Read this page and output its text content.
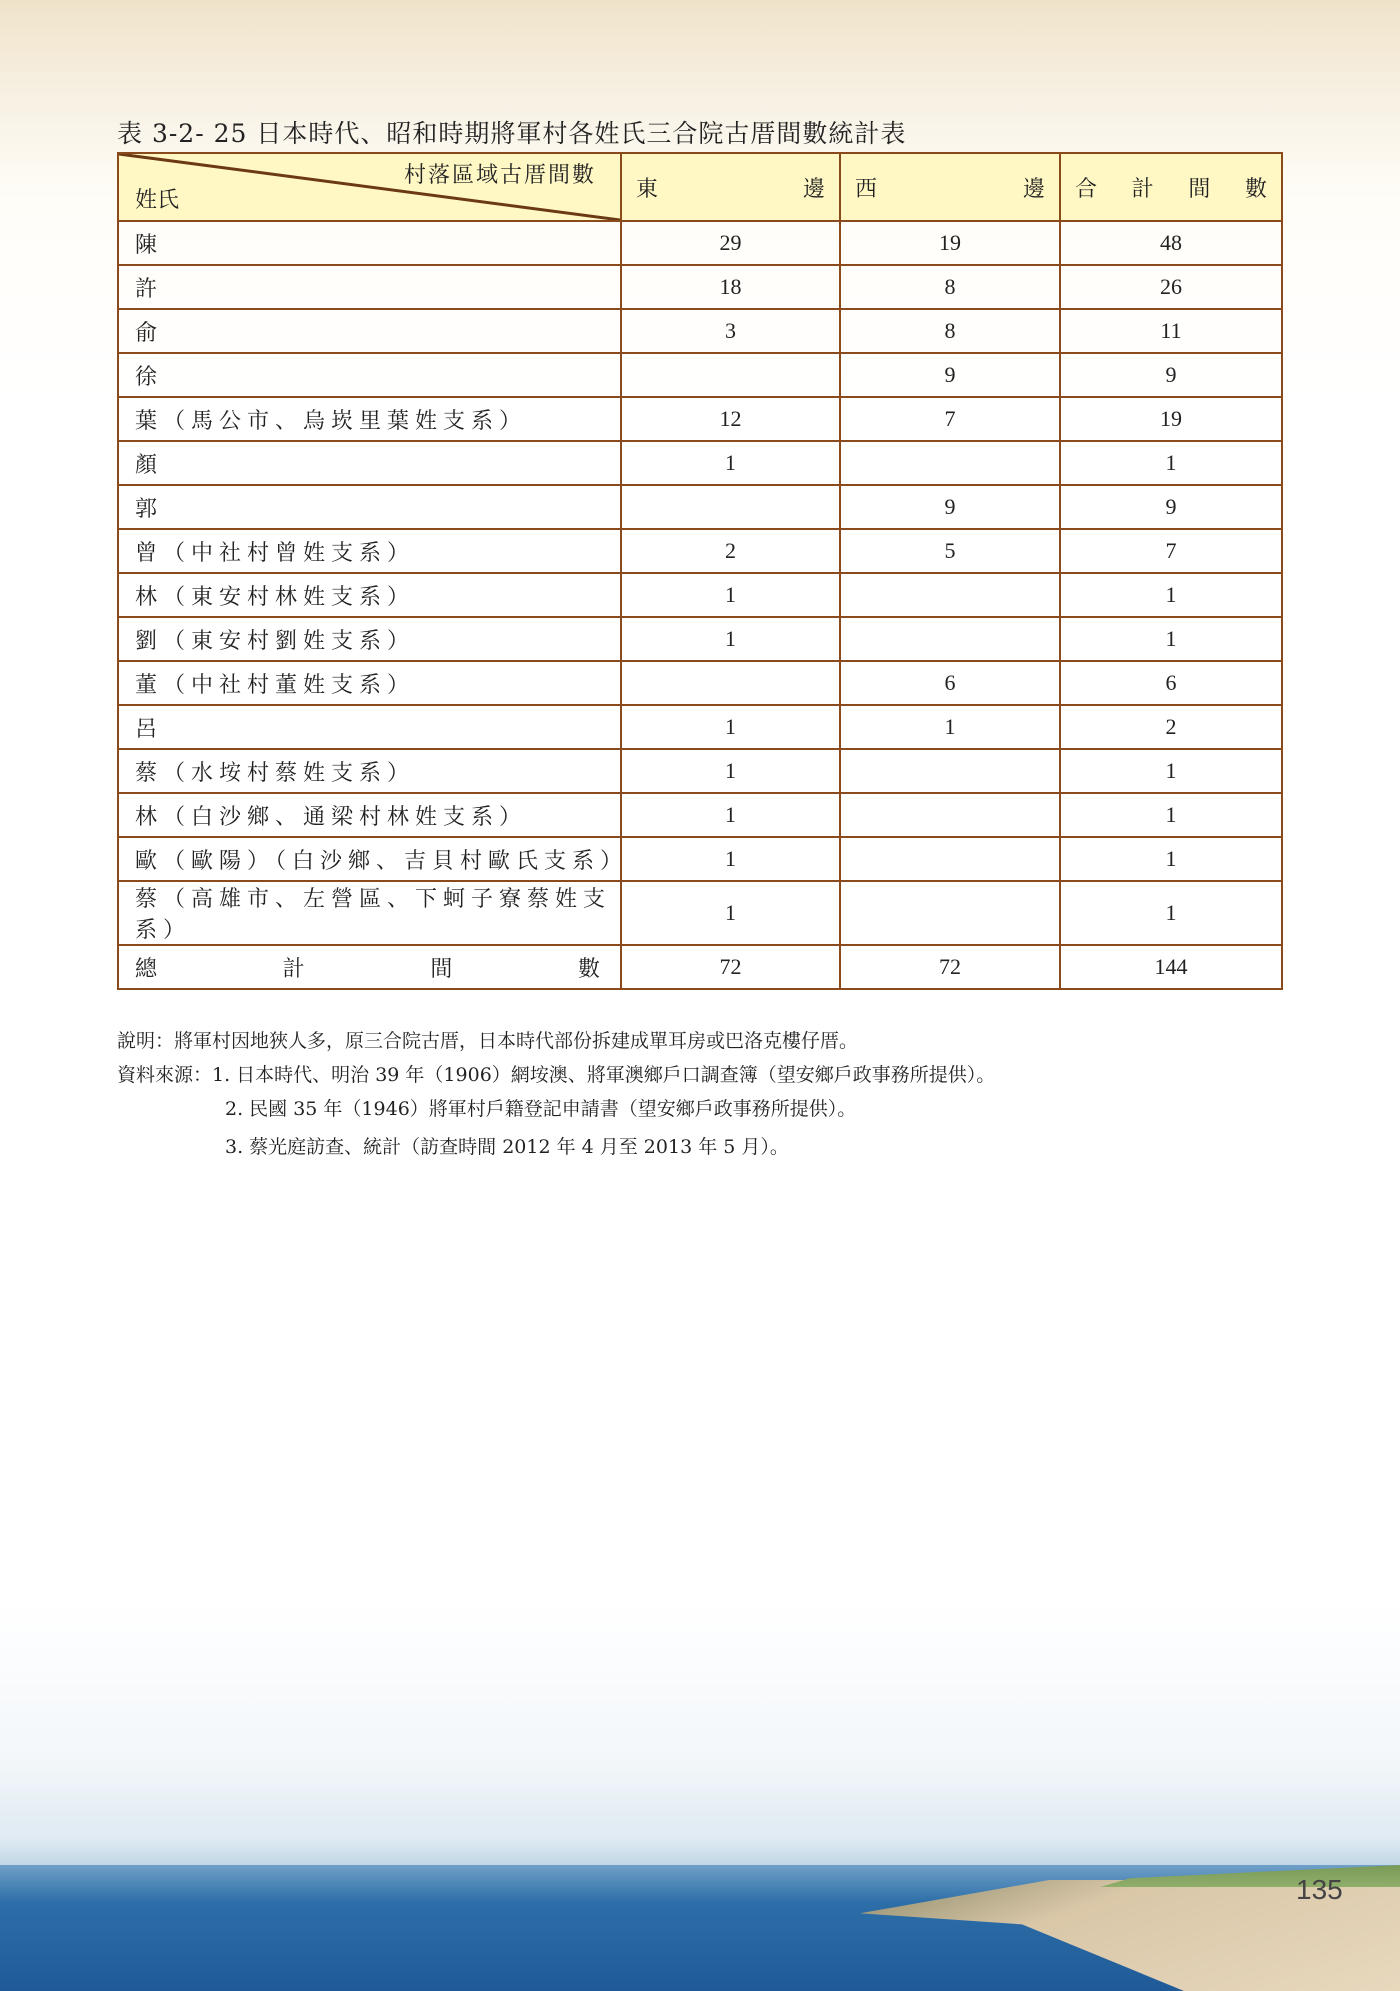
表 3-2- 25 日本時代、昭和時期將軍村各姓氏三合院古厝間數統計表
村落區域古厝間數
姓氏	東 邊	西 邊	合 計 間 數

陳	29	19	48
許	18	8	26
俞	3	8	11
徐		9	9
葉（馬公市、烏崁里葉姓支系）	12	7	19
顏	1		1
郭		9	9
曾（中社村曾姓支系）	2	5	7
林（東安村林姓支系）	1		1
劉（東安村劉姓支系）	1		1
董（中社村董姓支系）		6	6
呂	1	1	2
蔡（水垵村蔡姓支系）	1		1
林（白沙鄉、通梁村林姓支系）	1		1
歐（歐陽）（白沙鄉、吉貝村歐氏支系）	1		1
蔡（高雄市、左營區、下蚵子寮蔡姓支系）	1		1

總 計 間 數	72	72	144
說明：將軍村因地狹人多，原三合院古厝，日本時代部份拆建成單耳房或巴洛克樓仔厝。
資料來源：1. 日本時代、明治 39 年（1906）網垵澳、將軍澳鄉戶口調查簿（望安鄉戶政事務所提供）。
2. 民國 35 年（1946）將軍村戶籍登記申請書（望安鄉戶政事務所提供）。
3. 蔡光庭訪查、統計（訪查時間 2012 年 4 月至 2013 年 5 月）。
135
